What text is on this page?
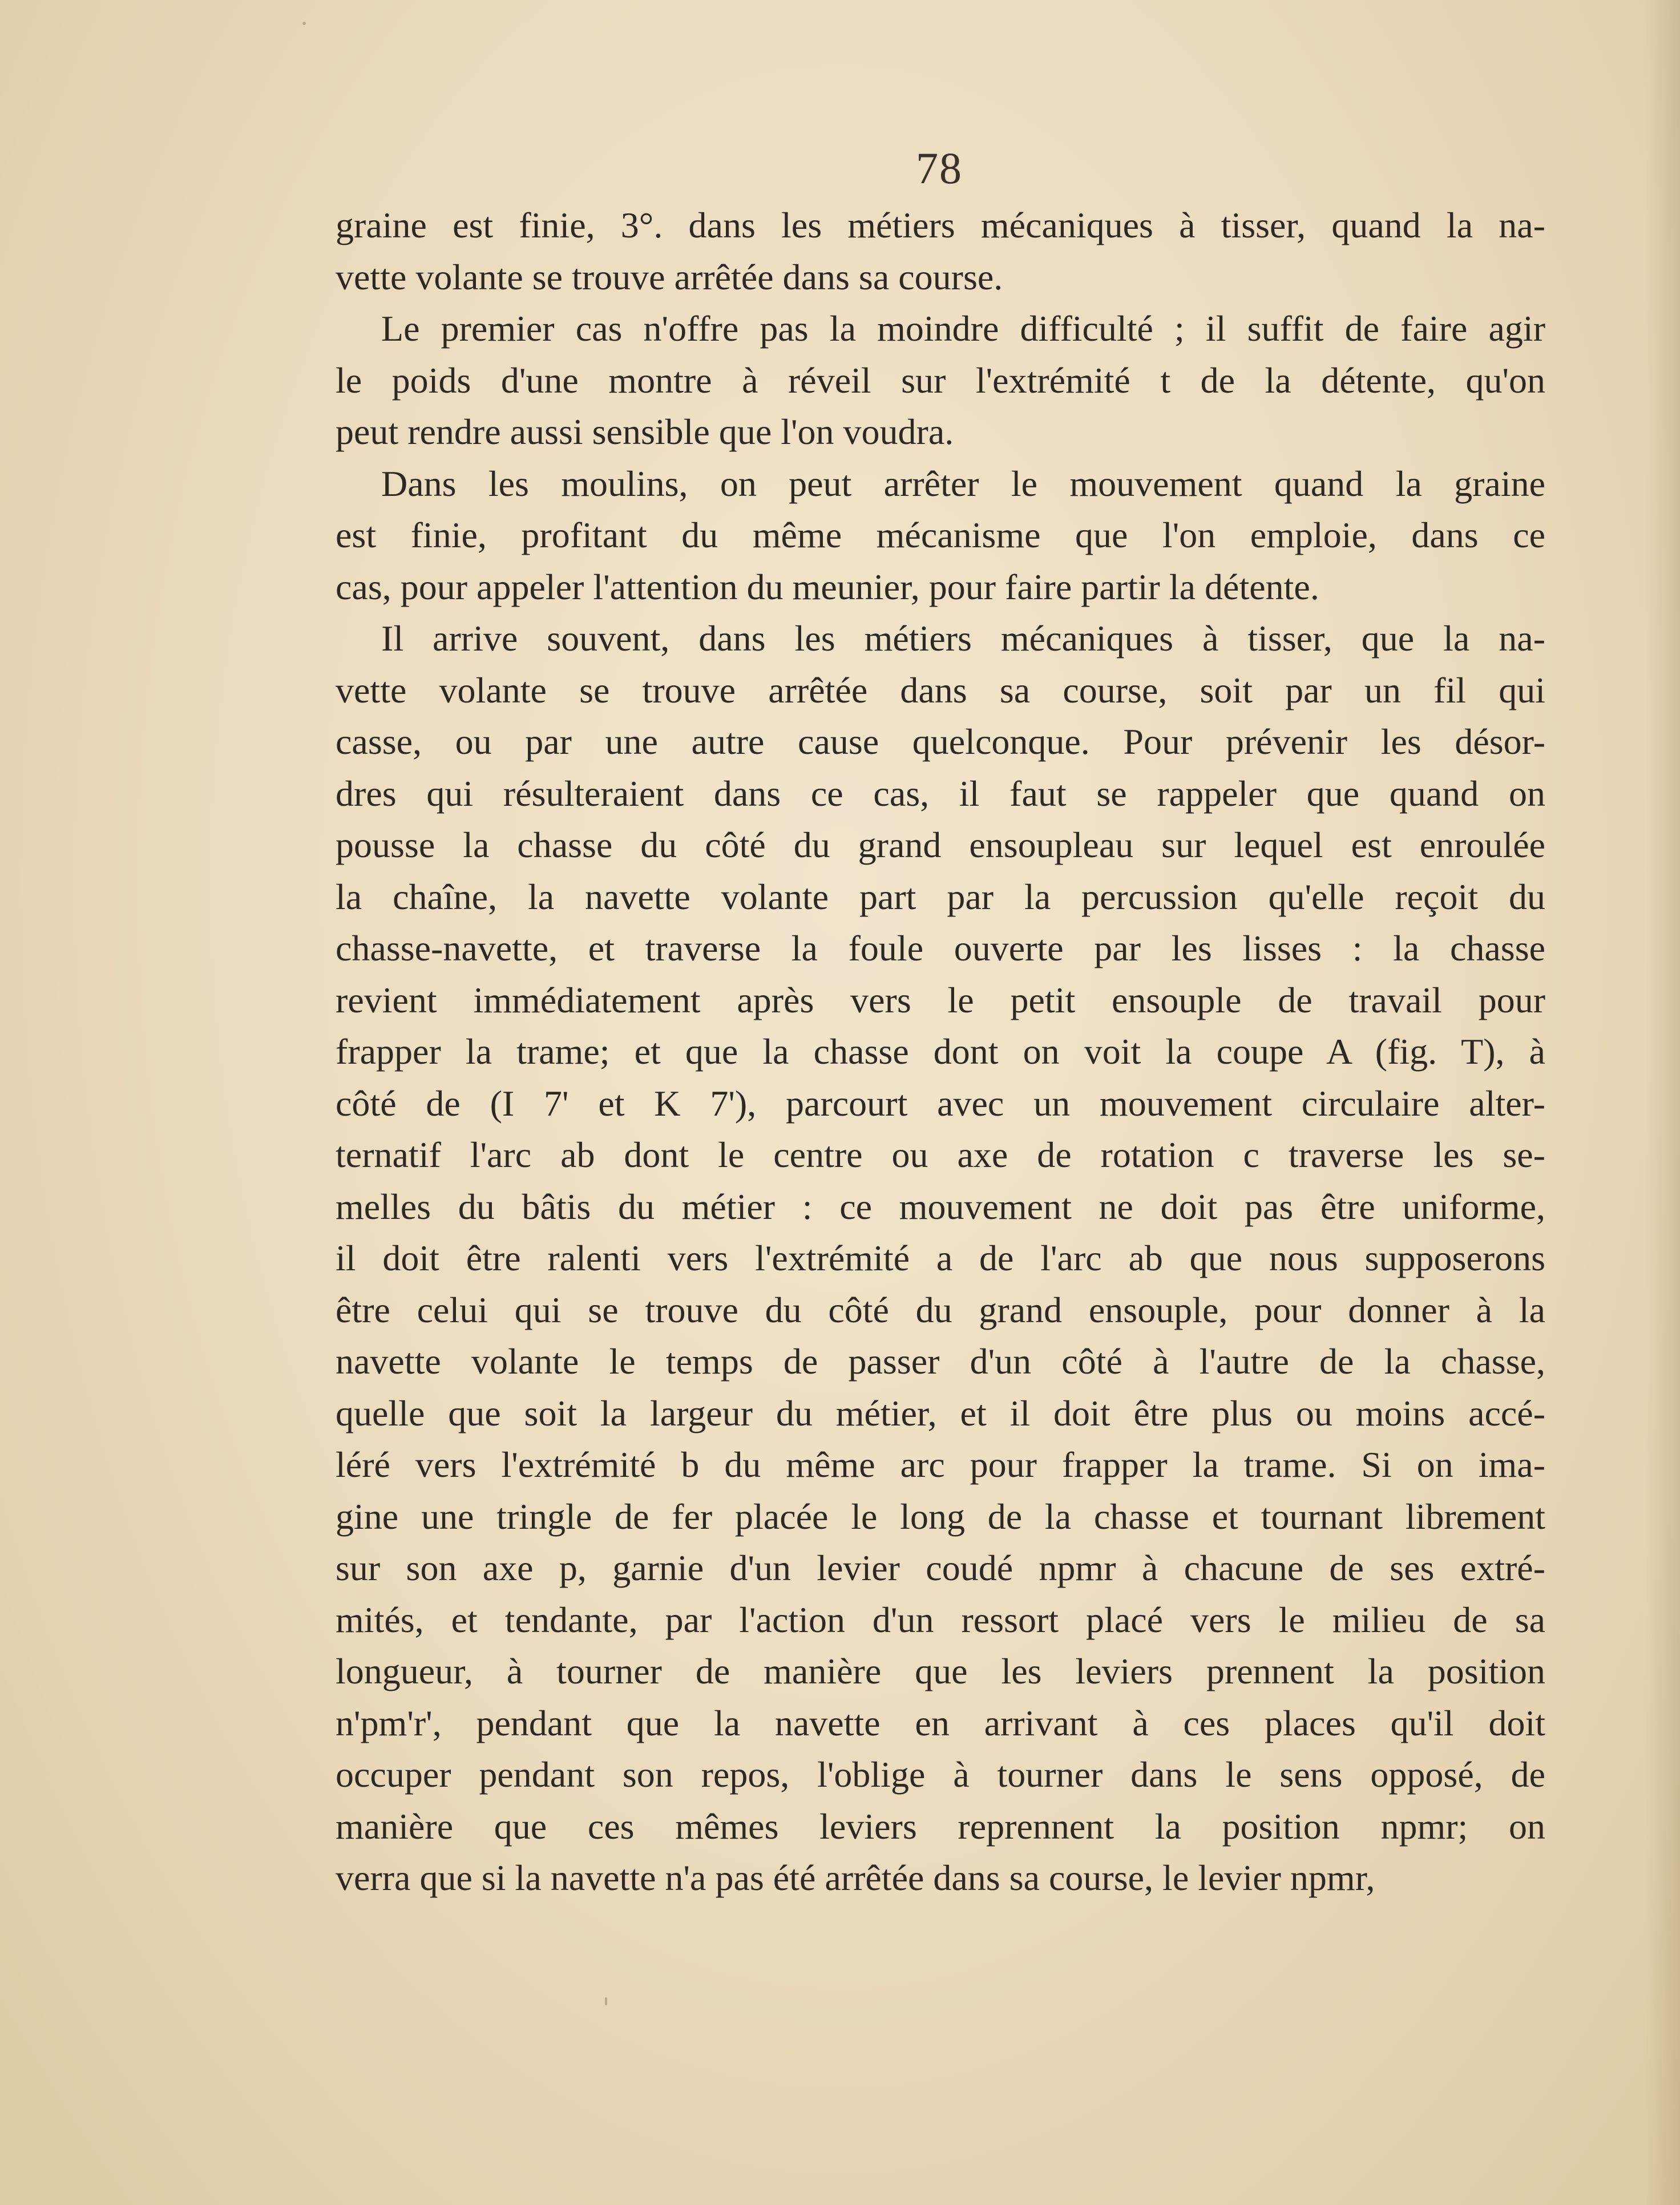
78
graine est finie, 3°. dans les métiers mécaniques à tisser, quand la na-
vette volante se trouve arrêtée dans sa course.
Le premier cas n'offre pas la moindre difficulté ; il suffit de faire agir
le poids d'une montre à réveil sur l'extrémité t de la détente, qu'on
peut rendre aussi sensible que l'on voudra.
Dans les moulins, on peut arrêter le mouvement quand la graine
est finie, profitant du même mécanisme que l'on emploie, dans ce
cas, pour appeler l'attention du meunier, pour faire partir la détente.
Il arrive souvent, dans les métiers mécaniques à tisser, que la na-
vette volante se trouve arrêtée dans sa course, soit par un fil qui
casse, ou par une autre cause quelconque. Pour prévenir les désor-
dres qui résulteraient dans ce cas, il faut se rappeler que quand on
pousse la chasse du côté du grand ensoupleau sur lequel est enroulée
la chaîne, la navette volante part par la percussion qu'elle reçoit du
chasse-navette, et traverse la foule ouverte par les lisses : la chasse
revient immédiatement après vers le petit ensouple de travail pour
frapper la trame; et que la chasse dont on voit la coupe A (fig. T), à
côté de (I 7' et K 7'), parcourt avec un mouvement circulaire alter-
ternatif l'arc ab dont le centre ou axe de rotation c traverse les se-
melles du bâtis du métier : ce mouvement ne doit pas être uniforme,
il doit être ralenti vers l'extrémité a de l'arc ab que nous supposerons
être celui qui se trouve du côté du grand ensouple, pour donner à la
navette volante le temps de passer d'un côté à l'autre de la chasse,
quelle que soit la largeur du métier, et il doit être plus ou moins accé-
léré vers l'extrémité b du même arc pour frapper la trame. Si on ima-
gine une tringle de fer placée le long de la chasse et tournant librement
sur son axe p, garnie d'un levier coudé npmr à chacune de ses extré-
mités, et tendante, par l'action d'un ressort placé vers le milieu de sa
longueur, à tourner de manière que les leviers prennent la position
n'pm'r', pendant que la navette en arrivant à ces places qu'il doit
occuper pendant son repos, l'oblige à tourner dans le sens opposé, de
manière que ces mêmes leviers reprennent la position npmr; on
verra que si la navette n'a pas été arrêtée dans sa course, le levier npmr,
